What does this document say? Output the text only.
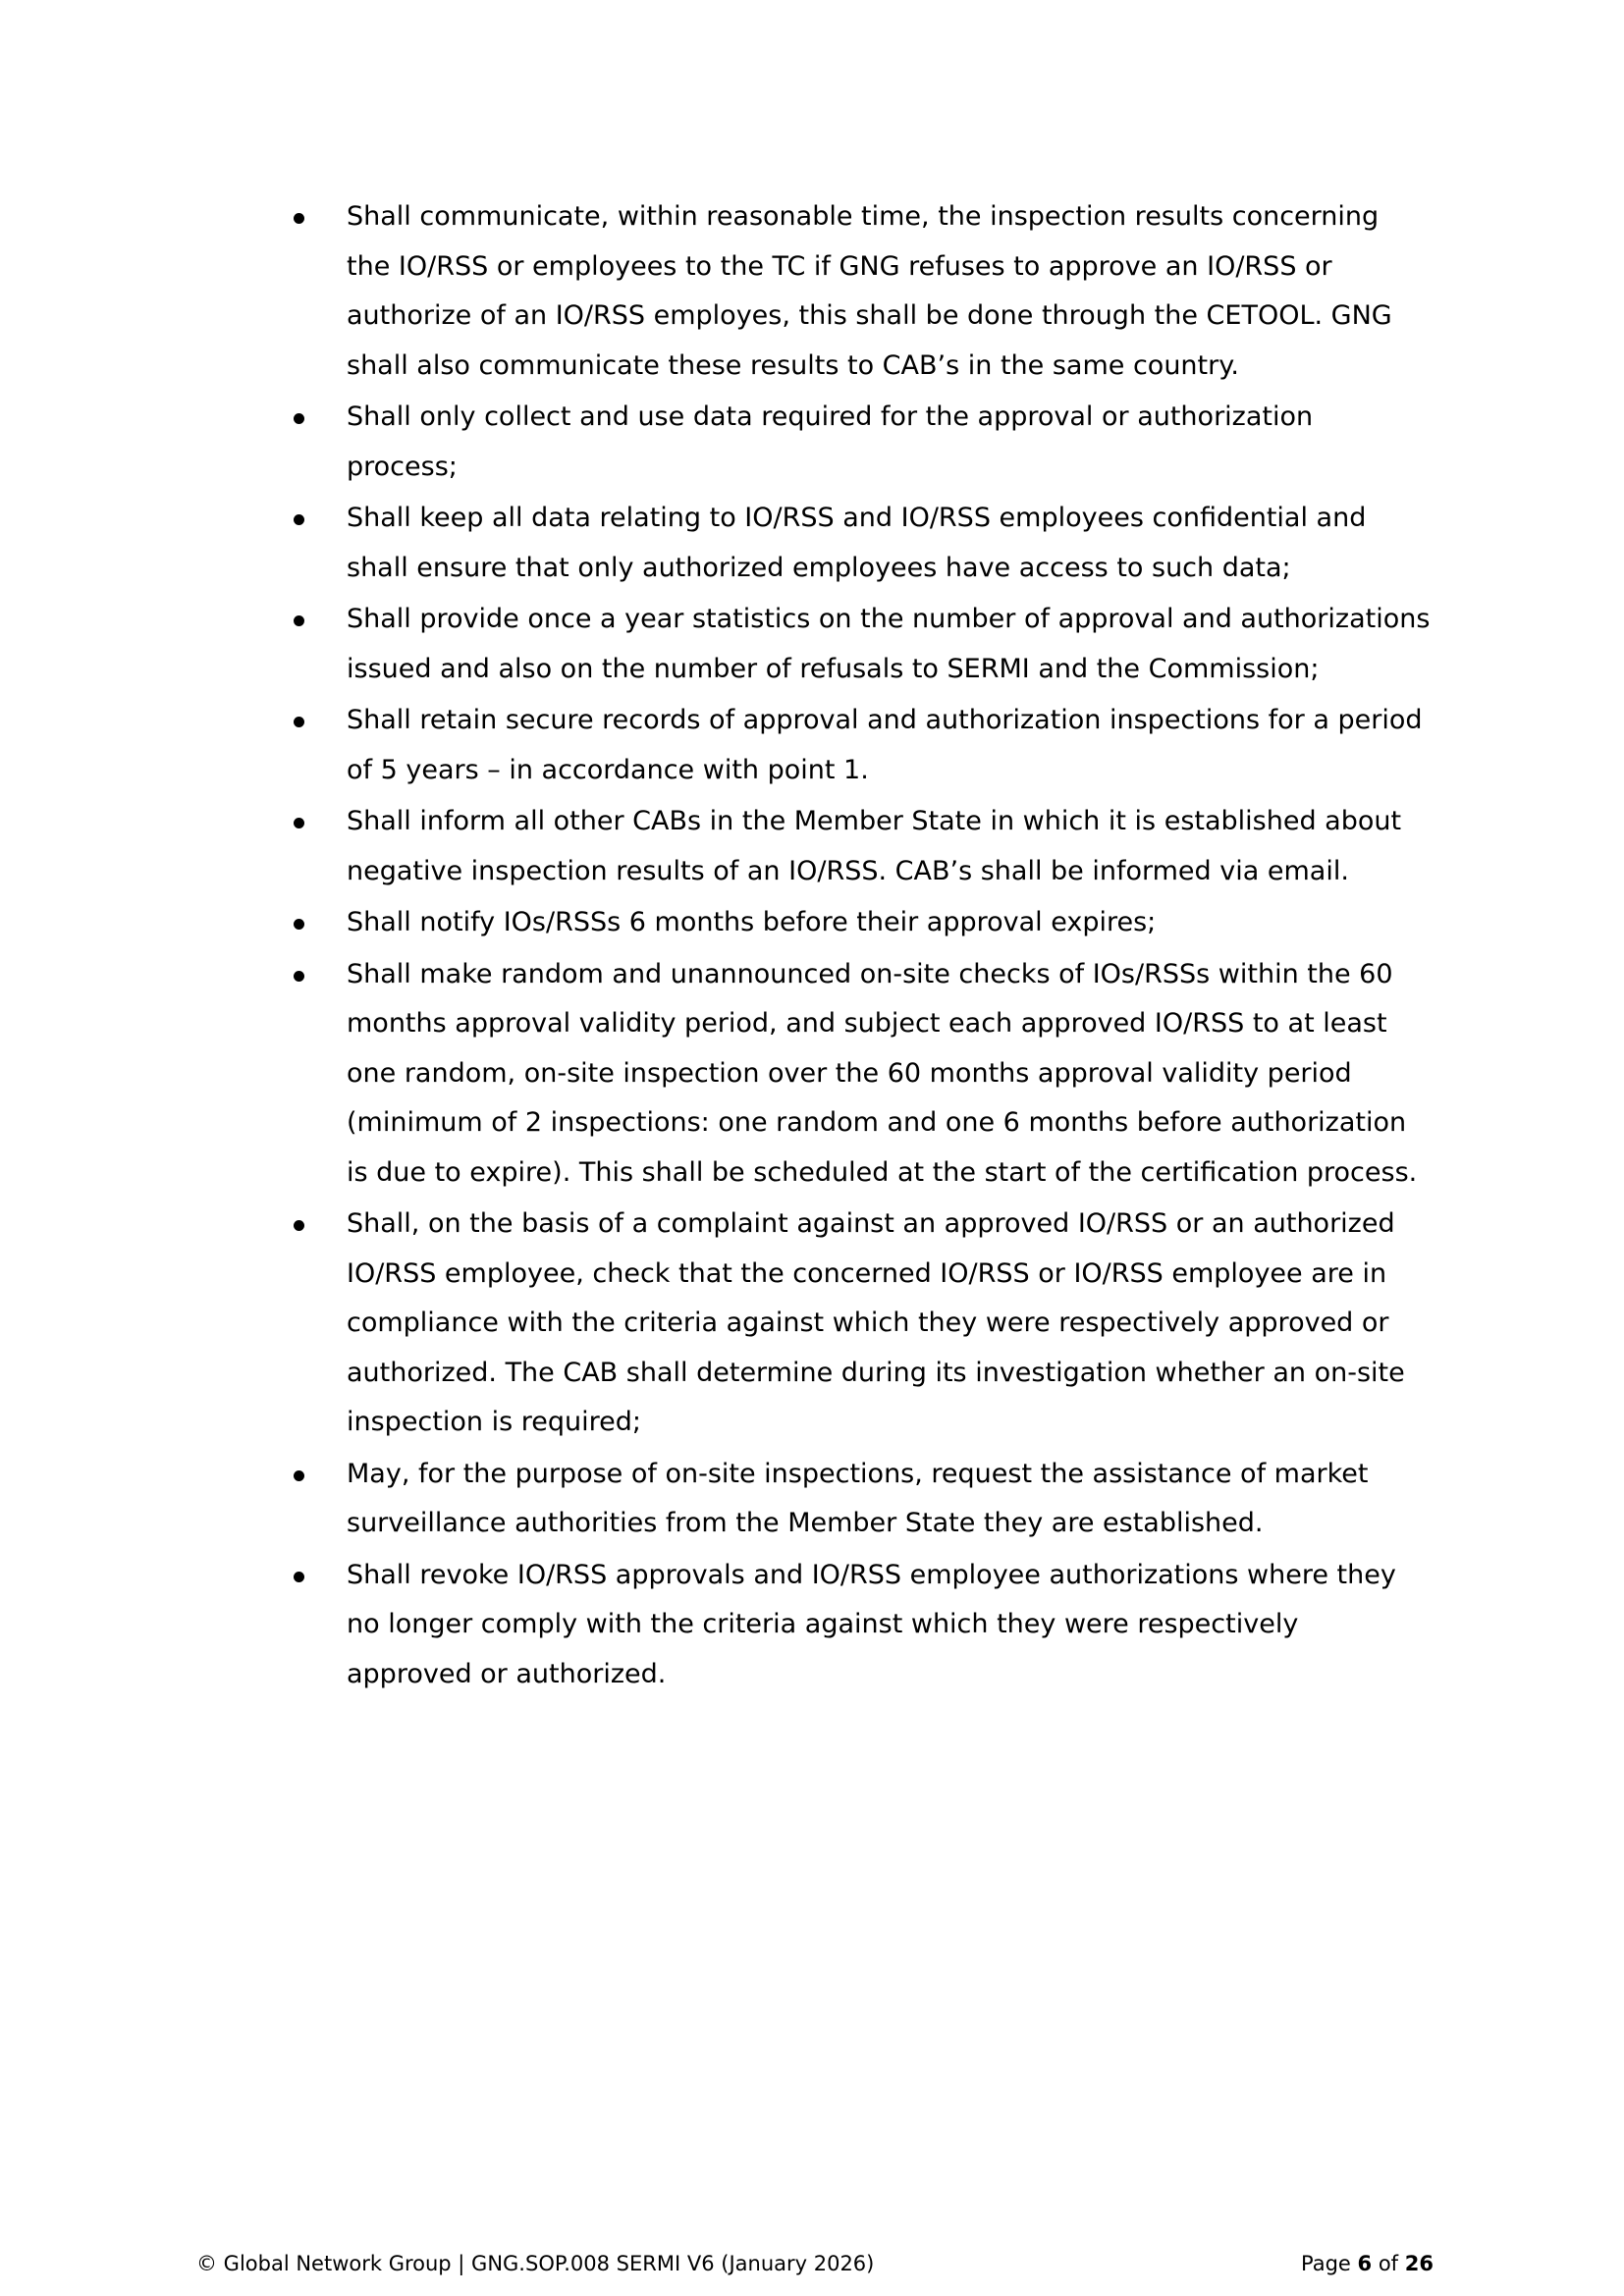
Shall communicate, within reasonable time, the inspection results concerning the IO/RSS or employees to the TC if GNG refuses to approve an IO/RSS or authorize of an IO/RSS employes, this shall be done through the CETOOL. GNG shall also communicate these results to CAB’s in the same country.
Shall only collect and use data required for the approval or authorization process;
Shall keep all data relating to IO/RSS and IO/RSS employees confidential and shall ensure that only authorized employees have access to such data;
Shall provide once a year statistics on the number of approval and authorizations issued and also on the number of refusals to SERMI and the Commission;
Shall retain secure records of approval and authorization inspections for a period of 5 years – in accordance with point 1.
Shall inform all other CABs in the Member State in which it is established about negative inspection results of an IO/RSS. CAB’s shall be informed via email.
Shall notify IOs/RSSs 6 months before their approval expires;
Shall make random and unannounced on-site checks of IOs/RSSs within the 60 months approval validity period, and subject each approved IO/RSS to at least one random, on-site inspection over the 60 months approval validity period (minimum of 2 inspections: one random and one 6 months before authorization is due to expire). This shall be scheduled at the start of the certification process.
Shall, on the basis of a complaint against an approved IO/RSS or an authorized IO/RSS employee, check that the concerned IO/RSS or IO/RSS employee are in compliance with the criteria against which they were respectively approved or authorized. The CAB shall determine during its investigation whether an on-site inspection is required;
May, for the purpose of on-site inspections, request the assistance of market surveillance authorities from the Member State they are established.
Shall revoke IO/RSS approvals and IO/RSS employee authorizations where they no longer comply with the criteria against which they were respectively approved or authorized.
© Global Network Group | GNG.SOP.008 SERMI V6 (January 2026)	Page 6 of 26
